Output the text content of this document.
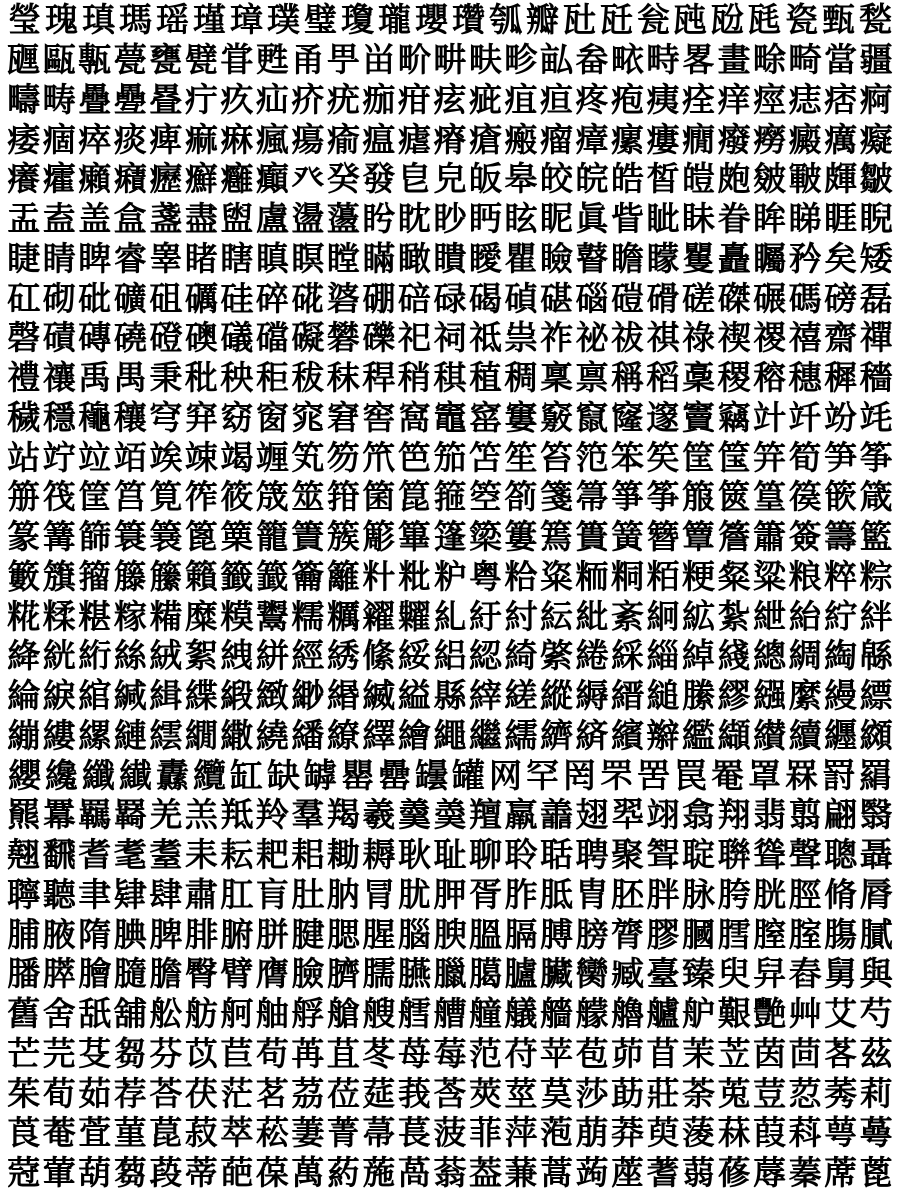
瑩 瑰 瑱 瑪 瑶 瑾 璋 璞 璧 瓊 瓏 瓔 瓚 瓠 瓣 瓧 瓩 瓮 瓲 瓰 瓱 瓷 甄 甃
甅 甌 甎 甍 甕 甓 甞 甦 甬 甼 畄 畍 畊 畉 畛 畆 畚 畩 畤 畧 畫 畭 畸 當 疆
疇 畴 疊 疉 疂 疔 疚 疝 疥 疣 痂 疳 痃 疵 疽 疸 疼 疱 痍 痊 痒 痙 痣 痞 痾
痿 痼 瘁 痰 痺 痲 痳 瘋 瘍 瘉 瘟 瘧 瘠 瘡 瘢 瘤 瘴 瘰 瘻 癇 癈 癆 癜 癘 癡
癢 癨 癩 癪 癧 癬 癰 癲 癶 癸 發 皀 皃 皈 皋 皎 皖 皓 皙 皚 皰 皴 皸 皹 皺
盂 盍 盖 盒 盞 盡 盥 盧 盪 蘯 盻 眈 眇 眄 眩 眤 眞 眥 眦 眛 眷 眸 睇 睚 睨
睫 睛 睥 睿 睾 睹 瞎 瞋 瞑 瞠 瞞 瞰 瞶 瞹 瞿 瞼 瞽 瞻 矇 矍 矗 矚 矜 矣 矮
矼 砌 砒 礦 砠 礪 硅 碎 硴 碆 硼 碚 碌 碣 碵 碪 碯 磑 磆 磋 磔 碾 碼 磅 磊
磬 磧 磚 磽 磴 礇 礒 礑 礙 礬 礫 祀 祠 祗 祟 祚 祕 祓 祺 祿 禊 禝 禧 齋 禪
禮 禳 禹 禺 秉 秕 秧 秬 秡 秣 稈 稍 稘 稙 稠 稟 禀 稱 稻 稾 稷 穃 穗 穉 穡
穢 穩 龝 穰 穹 穽 窈 窗 窕 窘 窖 窩 竈 窰 窶 竅 竄 窿 邃 竇 竊 竍 竏 竕 竓
站 竚 竝 竡 竢 竦 竭 竰 笂 笏 笊 笆 笳 笘 笙 笞 笵 笨 笶 筐 筺 笄 筍 笋 筝
笧 筏 筐 筥 筧 筰 筱 筬 筮 箝 箘 箟 箍 箜 箚 箋 箒 箏 筝 箙 篋 篁 篌 篏 箴
篆 篝 篩 簑 簔 篦 篥 籠 簀 簇 簓 篳 篷 簗 簍 篶 簣 簧 簪 簟 簷 簫 簽 籌 籃
籔 籏 籀 籐 籘 籟 籤 籖 籥 籬 籵 粃 粐 粤 粭 粢 粫 粡 粨 粳 粲 粱 粮 粹 粽
糀 糅 糂 糘 糒 糜 糢 鬻 糯 糲 糴 糶 糺 紆 紂 紜 紕 紊 絅 絋 紮 紲 紿 紵 絆
絳 絖 絎 絲 絨 絮 絏 絣 經 綉 絛 綏 絽 綛 綺 綮 綣 綵 緇 綽 綫 總 綢 綯 緜
綸 綟 綰 緘 緝 緤 緞 緻 緲 緡 縅 縊 縣 縡 縒 縱 縟 縉 縋 縢 繆 繦 縻 縵 縹
繃 縷 縲 縺 繧 繝 繖 繞 繙 繚 繹 繪 繩 繼 繻 纃 緕 繽 辮 繿 纈 纉 續 纒 纐
纓 纔 纖 纎 纛 纜 缸 缺 罅 罌 罍 罎 罐 网 罕 罔 罘 罟 罠 罨 罩 罧 罸 羂
羆 羃 羈 羇 羌 羔 羝 羚 羣 羯 羲 羹 羮 羶 羸 譱 翅 翆 翊 翕 翔 翡 翦 翩 翳
翹 飜 耆 耄 耋 耒 耘 耙 耜 耡 耨 耿 耻 聊 聆 聒 聘 聚 聟 聢 聨 聳 聲 聰 聶
聹 聽 聿 肄 肆 肅 肛 肓 肚 肭 冐 肬 胛 胥 胙 胝 胄 胚 胖 脉 胯 胱 脛 脩 脣
脯 腋 隋 腆 脾 腓 腑 胼 腱 腮 腥 腦 腴 膃 膈 膊 膀 膂 膠 膕 膤 膣 腟 膓 膩
膰 膵 膾 膸 膽 臀 臂 膺 臉 臍 臑 臙 臘 臈 臚 臟 臠 臧 臺 臻 臾 舁 舂 舅 與
舊 舍 舐 舖 舩 舫 舸 舳 艀 艙 艘 艝 艚 艟 艤 艢 艨 艪 艫 舮 艱 艷 艸 艾 芍
芒 芫 芟 芻 芬 苡 苣 苟 苒 苴 苳 苺 莓 范 苻 苹 苞 茆 苜 茉 苙 茵 茴 茖 茲
茱 荀 茹 荐 荅 茯 茫 茗 茘 莅 莚 莪 莟 莢 莖 茣 莎 莇 莊 荼 莵 荳 荵 莠 莉
莨 菴 萓 菫 菎 菽 萃 菘 萋 菁 菷 萇 菠 菲 萍 萢 萠 莽 萸 蔆 菻 葭 萪 萼 蕚
蒄 葷 葫 蒭 葮 蒂 葩 葆 萬 葯 葹 萵 蓊 葢 蒹 蒿 蒟 蓙 蓍 蒻 蓚 蓐 蓁 蓆 蓖
